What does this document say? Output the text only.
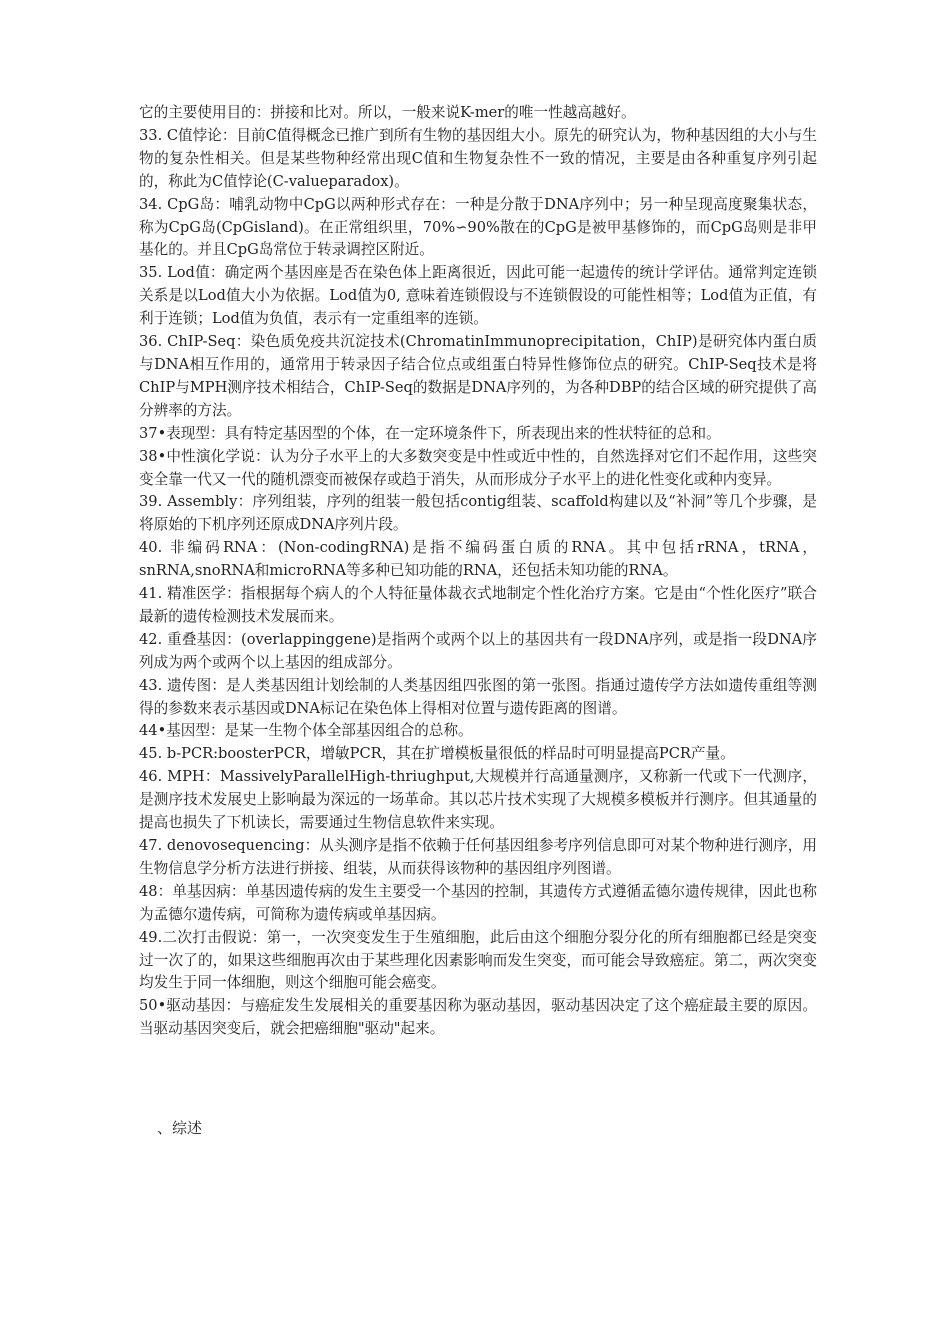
它的主要使用目的：拼接和比对。所以，一般来说K-mer的唯一性越高越好。

33. C值悖论：目前C值得概念已推广到所有生物的基因组大小。原先的研究认为，物种基因组的大小与生物的复杂性相关。但是某些物种经常出现C值和生物复杂性不一致的情况，主要是由各种重复序列引起的，称此为C值悖论(C-valueparadox)。

34. CpG岛：哺乳动物中CpG以两种形式存在：一种是分散于DNA序列中；另一种呈现高度聚集状态，称为CpG岛(CpGisland)。在正常组织里，70%∽90%散在的CpG是被甲基修饰的，而CpG岛则是非甲基化的。并且CpG岛常位于转录调控区附近。

35. Lod值：确定两个基因座是否在染色体上距离很近，因此可能一起遗传的统计学评估。通常判定连锁关系是以Lod值大小为依据。Lod值为0, 意味着连锁假设与不连锁假设的可能性相等；Lod值为正值，有利于连锁；Lod值为负值，表示有一定重组率的连锁。

36. ChIP-Seq：染色质免疫共沉淀技术(ChromatinImmunoprecipitation，ChIP)是研究体内蛋白质与DNA相互作用的，通常用于转录因子结合位点或组蛋白特异性修饰位点的研究。ChIP-Seq技术是将ChIP与MPH测序技术相结合，ChIP-Seq的数据是DNA序列的，为各种DBP的结合区域的研究提供了高分辨率的方法。

37•表现型：具有特定基因型的个体，在一定环境条件下，所表现出来的性状特征的总和。

38•中性演化学说：认为分子水平上的大多数突变是中性或近中性的，自然选择对它们不起作用，这些突变全靠一代又一代的随机漂变而被保存或趋于消失，从而形成分子水平上的进化性变化或种内变异。

39. Assembly：序列组装，序列的组装一般包括contig组装、scaffold构建以及“补洞”等几个步骤，是将原始的下机序列还原成DNA序列片段。

40. 非编码RNA：(Non-codingRNA)是指不编码蛋白质的RNA。其中包括rRNA，tRNA，snRNA,snoRNA和microRNA等多种已知功能的RNA，还包括未知功能的RNA。

41. 精准医学：指根据每个病人的个人特征量体裁衣式地制定个性化治疗方案。它是由“个性化医疗”联合最新的遗传检测技术发展而来。

42. 重叠基因：(overlappinggene)是指两个或两个以上的基因共有一段DNA序列，或是指一段DNA序列成为两个或两个以上基因的组成部分。

43. 遗传图：是人类基因组计划绘制的人类基因组四张图的第一张图。指通过遗传学方法如遗传重组等测得的参数来表示基因或DNA标记在染色体上得相对位置与遗传距离的图谱。

44•基因型：是某一生物个体全部基因组合的总称。

45. b-PCR:boosterPCR，增敏PCR，其在扩增模板量很低的样品时可明显提高PCR产量。

46. MPH：MassivelyParallelHigh-thriughput,大规模并行高通量测序，又称新一代或下一代测序，是测序技术发展史上影响最为深远的一场革命。其以芯片技术实现了大规模多模板并行测序。但其通量的提高也损失了下机读长，需要通过生物信息软件来实现。

47. denovosequencing：从头测序是指不依赖于任何基因组参考序列信息即可对某个物种进行测序，用生物信息学分析方法进行拼接、组装，从而获得该物种的基因组序列图谱。

48：单基因病：单基因遗传病的发生主要受一个基因的控制，其遗传方式遵循孟德尔遗传规律，因此也称为孟德尔遗传病，可简称为遗传病或单基因病。

49.二次打击假说：第一，一次突变发生于生殖细胞，此后由这个细胞分裂分化的所有细胞都已经是突变过一次了的，如果这些细胞再次由于某些理化因素影响而发生突变，而可能会导致癌症。第二，两次突变均发生于同一体细胞，则这个细胞可能会癌变。

50•驱动基因：与癌症发生发展相关的重要基因称为驱动基因，驱动基因决定了这个癌症最主要的原因。当驱动基因突变后，就会把癌细胞"驱动"起来。

、综述
